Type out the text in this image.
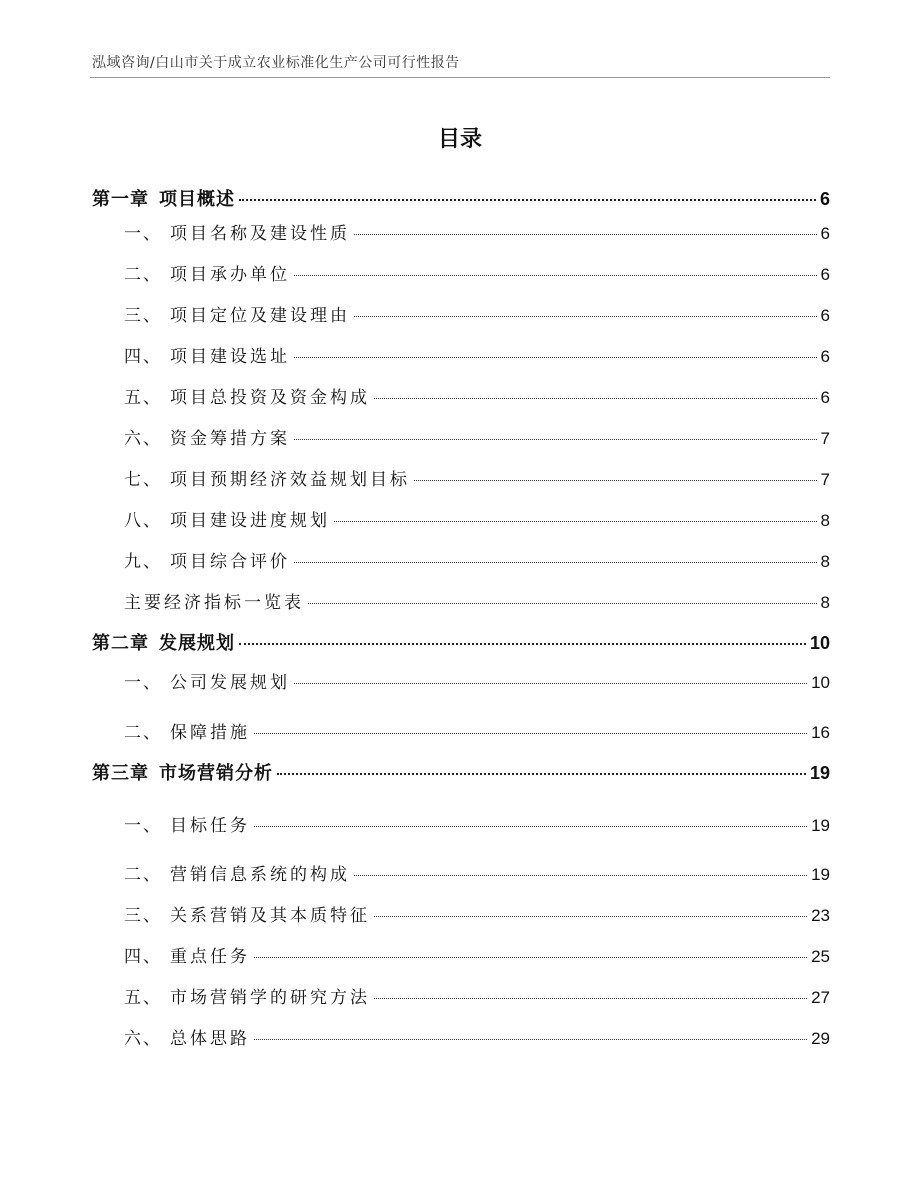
泓域咨询/白山市关于成立农业标准化生产公司可行性报告
目录
第一章 项目概述	6
一、 项目名称及建设性质	6
二、 项目承办单位	6
三、 项目定位及建设理由	6
四、 项目建设选址	6
五、 项目总投资及资金构成	6
六、 资金筹措方案	7
七、 项目预期经济效益规划目标	7
八、 项目建设进度规划	8
九、 项目综合评价	8
主要经济指标一览表	8
第二章 发展规划	10
一、 公司发展规划	10
二、 保障措施	16
第三章 市场营销分析	19
一、 目标任务	19
二、 营销信息系统的构成	19
三、 关系营销及其本质特征	23
四、 重点任务	25
五、 市场营销学的研究方法	27
六、 总体思路	29
